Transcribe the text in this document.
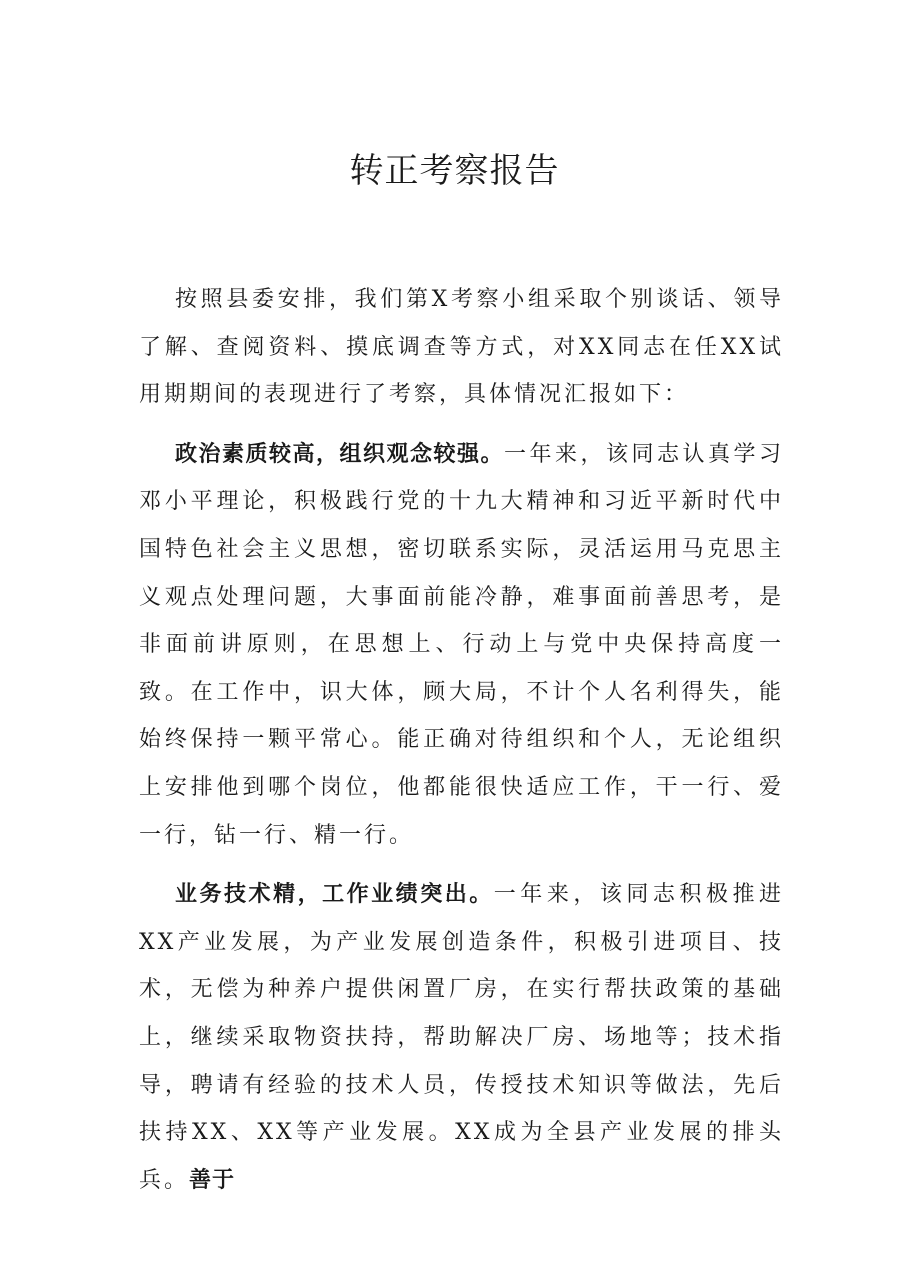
转正考察报告

按照县委安排，我们第X考察小组采取个别谈话、领导了解、查阅资料、摸底调查等方式，对XX同志在任XX试用期期间的表现进行了考察，具体情况汇报如下：

政治素质较高，组织观念较强。一年来，该同志认真学习邓小平理论，积极践行党的十九大精神和习近平新时代中国特色社会主义思想，密切联系实际，灵活运用马克思主义观点处理问题，大事面前能冷静，难事面前善思考，是非面前讲原则，在思想上、行动上与党中央保持高度一致。在工作中，识大体，顾大局，不计个人名利得失，能始终保持一颗平常心。能正确对待组织和个人，无论组织上安排他到哪个岗位，他都能很快适应工作，干一行、爱一行，钻一行、精一行。

业务技术精，工作业绩突出。一年来，该同志积极推进XX产业发展，为产业发展创造条件，积极引进项目、技术，无偿为种养户提供闲置厂房，在实行帮扶政策的基础上，继续采取物资扶持，帮助解决厂房、场地等；技术指导，聘请有经验的技术人员，传授技术知识等做法，先后扶持XX、XX等产业发展。XX成为全县产业发展的排头兵。善于
